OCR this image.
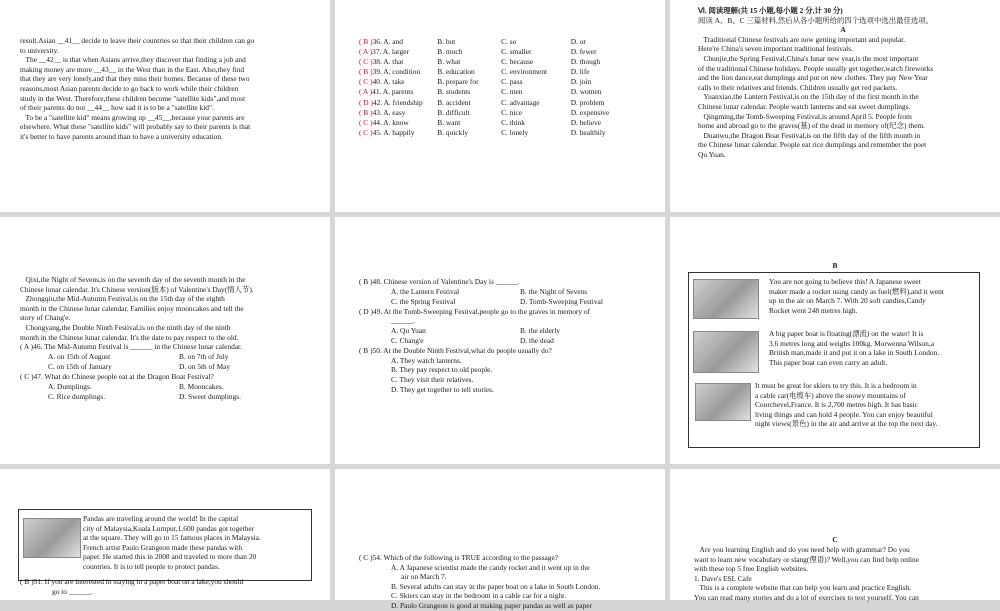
result.Asian __41__ decide to leave their countries so that their children can go

to university.

The __42__ is that when Asians arrive,they discover that finding a job and

making money are more __43__ in the West than in the East. Also,they find

that they are very lonely,and that they miss their homes. Because of these two

reasons,most Asian parents decide to go back to work while their children

study in the West. Therefore,these children become "satellite kids",and most

of their parents do not __44__ how sad it is to be a "satellite kid".

To be a "satellite kid" means growing up __45__,because your parents are

elsewhere. What these "satellite kids" will probably say to their parents is that

it's better to have parents around than to have a university education.

( B )36. A. and	B. but	C. so	D. or
( A )37. A. larger	B. much	C. smaller	D. fewer
( C )38. A. that	B. what	C. because	D. though
( B )39. A. condition	B. education	C. environment	D. life
( C )40. A. take	B. prepare for	C. pass	D. join
( A )41. A. parents	B. students	C. men	D. women
( D )42. A. friendship	B. accident	C. advantage	D. problem
( B )43. A. easy	B. difficult	C. nice	D. expensive
( C )44. A. know	B. want	C. think	D. believe
( C )45. A. happily	B. quickly	C. lonely	D. healthily

Ⅵ. 阅读理解(共 15 小题,每小题 2 分,计 30 分)

阅读 A、B、C 三篇材料,然后从各小题所给的四个选项中选出最佳选项。

A

Traditional Chinese festivals are now getting important and popular.

Here're China's seven important traditional festivals.

Chunjie,the Spring Festival,China's lunar new year,is the most important

of the traditional Chinese holidays. People usually get together,watch fireworks

and the lion dance,eat dumplings and put on new clothes. They pay New Year

calls to their relatives and friends. Children usually get red packets.

Yuanxiao,the Lantern Festival,is on the 15th day of the first month in the

Chinese lunar calendar. People watch lanterns and eat sweet dumplings.

Qingming,the Tomb-Sweeping Festival,is around April 5. People from

home and abroad go to the graves(墓) of the dead in memory of(纪念) them.

Duanwu,the Dragon Boat Festival,is on the fifth day of the fifth month in

the Chinese lunar calendar. People eat rice dumplings and remember the poet

Qu Yuan.

Qixi,the Night of Sevens,is on the seventh day of the seventh month in the

Chinese lunar calendar. It's Chinese version(版本) of Valentine's Day(情人节).

Zhongqiu,the Mid-Autumn Festival,is on the 15th day of the eighth

month in the Chinese lunar calendar. Families enjoy mooncakes and tell the

story of Chang'e.

Chongyang,the Double Ninth Festival,is on the ninth day of the ninth

month in the Chinese lunar calendar. It's the date to pay respect to the old.

( A )46. The Mid-Autumn Festival is ______ in the Chinese lunar calendar.

A. on 15th of August	B. on 7th of July
C. on 15th of January	D. on 5th of May

( C )47. What do Chinese people eat at the Dragon Boat Festival?

A. Dumplings.	B. Mooncakes.
C. Rice dumplings.	D. Sweet dumplings.

( B )48. Chinese version of Valentine's Day is ______.

A. the Lantern Festival	B. the Night of Sevens
C. the Spring Festival	D. Tomb-Sweeping Festival

( D )49. At the Tomb-Sweeping Festival,people go to the graves in memory of

______.

A. Qu Yuan	B. the elderly
C. Chang'e	D. the dead

( B )50. At the Double Ninth Festival,what do people usually do?

A. They watch lanterns.

B. They pay respect to old people.

C. They visit their relatives.

D. They get together to tell stories.

B

You are not going to believe this! A Japanese sweet

maker made a rocket using candy as fuel(燃料),and it went

up in the air on March 7. With 20 soft candies,Candy

Rocket went 248 metres high.

A big paper boat is floating(漂流) on the water! It is

3.6 metres long and weighs 100kg. Morwenna Wilson,a

British man,made it and put it on a lake in South London.

This paper boat can even carry an adult.

It must be great for skiers to try this. It is a bedroom in

a cable car(电缆车) above the snowy mountains of

Courchevel,France. It is 2,700 metres high. It has basic

living things and can hold 4 people. You can enjoy beautiful

night views(景色) in the air and arrive at the top the next day.

Pandas are traveling around the world! In the capital

city of Malaysia,Kuala Lumpur,1,600 pandas got together

at the square. They will go to 15 famous places in Malaysia.

French artist Paulo Grangeon made these pandas with

paper. He started this in 2008 and traveled to more than 20

countries. It is to tell people to protect pandas.

( B )51. If you are interested in staying in a paper boat on a lake,you should

go to ______.

( C )54. Which of the following is TRUE according to the passage?

A. A Japanese scientist made the candy rocket and it went up in the

air on March 7.

B. Several adults can stay in the paper boat on a lake in South London.

C. Skiers can stay in the bedroom in a cable car for a night.

D. Paulo Grangeon is good at making paper pandas as well as paper

C

Are you learning English and do you need help with grammar? Do you

want to learn new vocabulary or slang(俚语)? Well,you can find help online

with these top 5 free English websites.

1. Dave's ESL Cafe

This is a complete website that can help you learn and practice English.

You can read many stories and do a lot of exercises to test yourself. You can
